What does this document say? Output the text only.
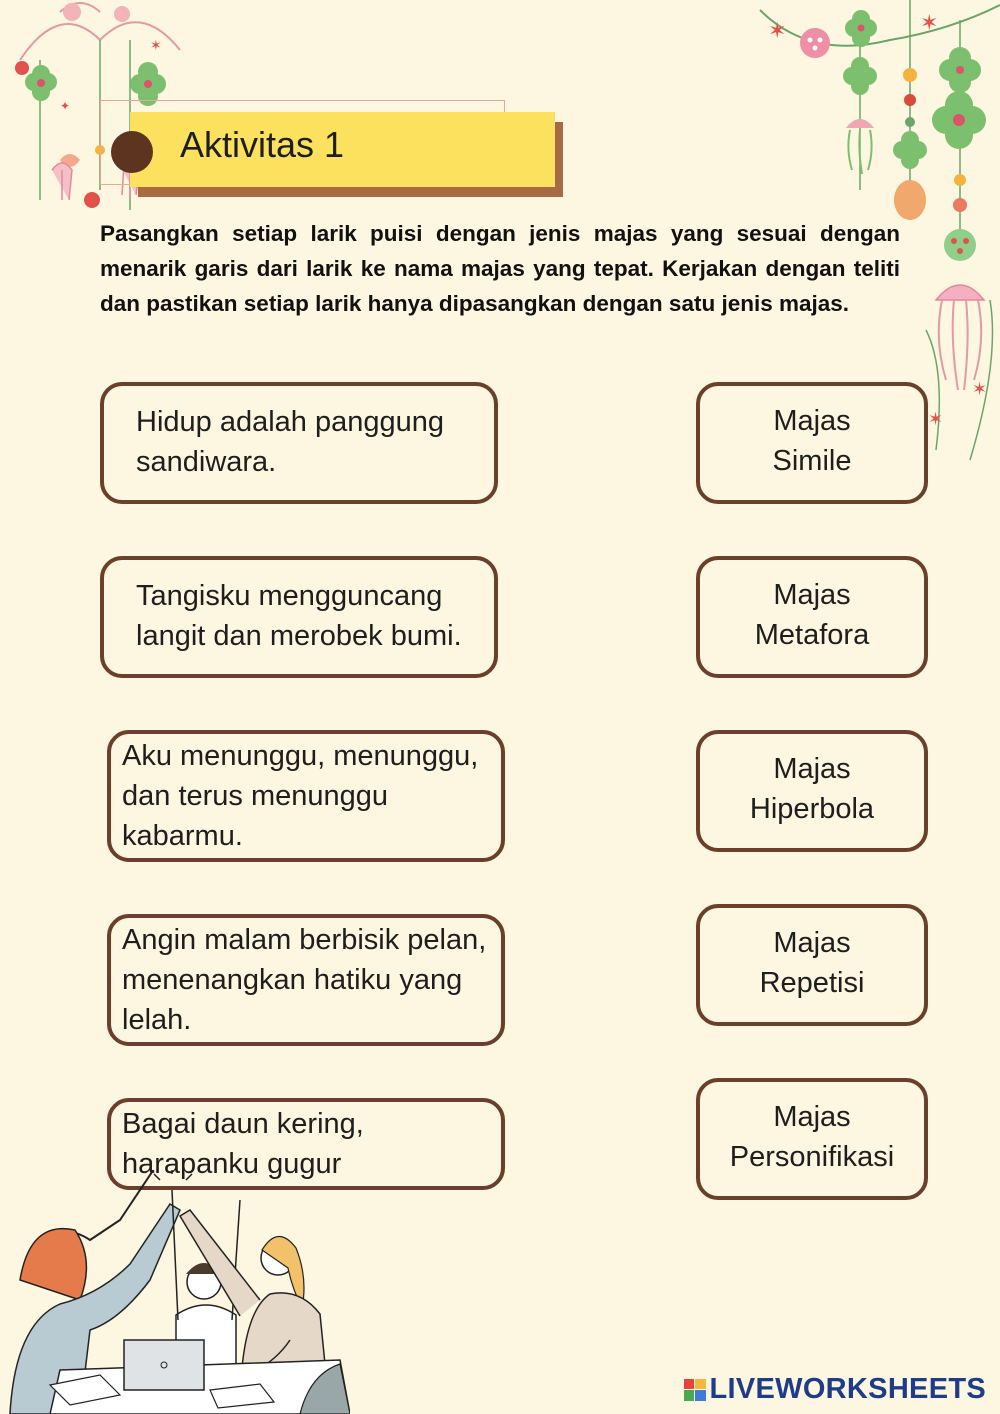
✶
✦
✶	✶
✶
✶
Aktivitas 1

Pasangkan setiap larik puisi dengan jenis majas yang sesuai dengan menarik garis dari larik ke nama majas yang tepat. Kerjakan dengan teliti dan pastikan setiap larik hanya dipasangkan dengan satu jenis majas.

Hidup adalah panggung
sandiwara.
Tangisku mengguncang
langit dan merobek bumi.
Aku menunggu, menunggu,
dan terus menunggu
kabarmu.
Angin malam berbisik pelan,
menenangkan hatiku yang
lelah.
Bagai daun kering,
harapanku gugur
Majas
Simile
Majas
Metafora
Majas
Hiperbola
Majas
Repetisi
Majas
Personifikasi
LIVEWORKSHEETS
